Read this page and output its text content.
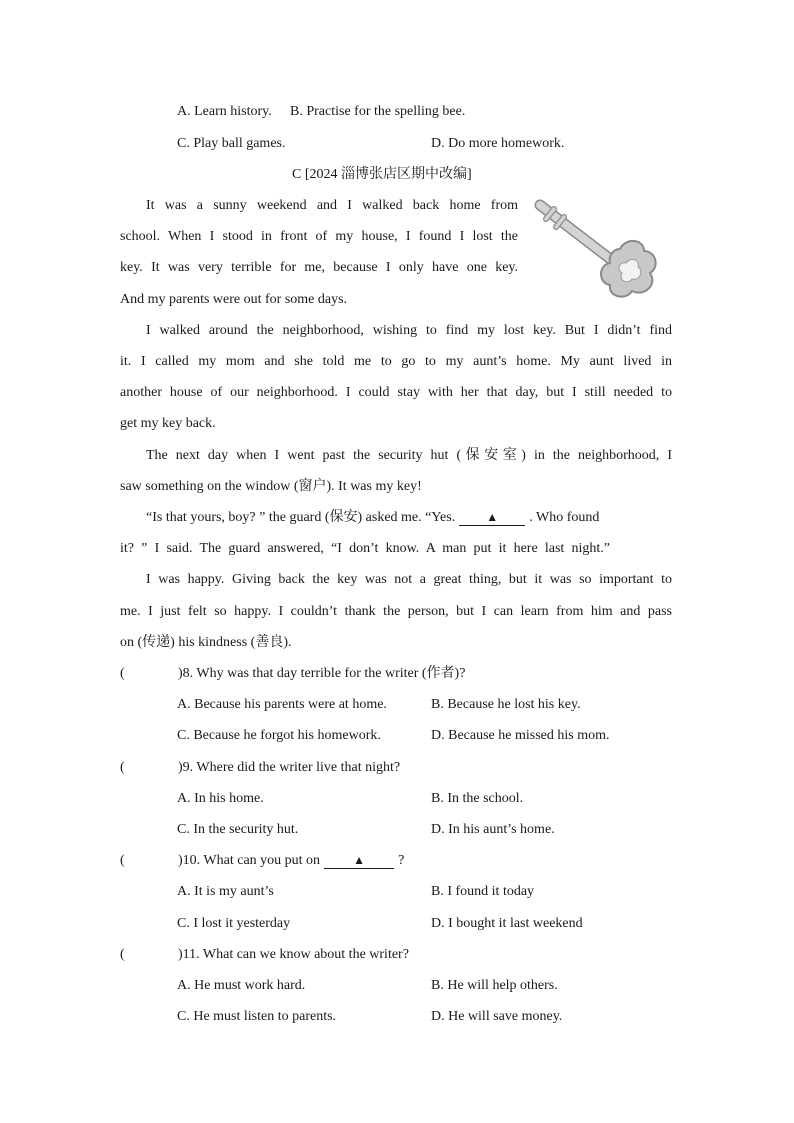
A. Learn history. B. Practise for the spelling bee.
C. Play ball games.	D. Do more homework.
C [2024 淄博张店区期中改编]
It was a sunny weekend and I walked back home from
school. When I stood in front of my house, I found I lost the
key. It was very terrible for me, because I only have one key.
And my parents were out for some days.
I walked around the neighborhood, wishing to find my lost key. But I didn’t find
it. I called my mom and she told me to go to my aunt’s home. My aunt lived in
another house of our neighborhood. I could stay with her that day, but I still needed to
get my key back.
The next day when I went past the security hut (保安室) in the neighborhood, I
saw something on the window (窗户). It was my key!
“Is that yours, boy? ” the guard (保安) asked me. “Yes.	▲ . Who found
it? ” I said. The guard answered, “I don’t know. A man put it here last night.”
I was happy. Giving back the key was not a great thing, but it was so important to
me. I just felt so happy. I couldn’t thank the person, but I can learn from him and pass
on (传递) his kindness (善良).
(	)8. Why was that day terrible for the writer (作者)?
A. Because his parents were at home.	B. Because he lost his key.
C. Because he forgot his homework.	D. Because he missed his mom.
(	)9. Where did the writer live that night?
A. In his home.	B. In the school.
C. In the security hut.	D. In his aunt’s home.
(	)10. What can you put on	▲ ?
A. It is my aunt’s	B. I found it today
C. I lost it yesterday	D. I bought it last weekend
(	)11. What can we know about the writer?
A. He must work hard.	B. He will help others.
C. He must listen to parents.	D. He will save money.
